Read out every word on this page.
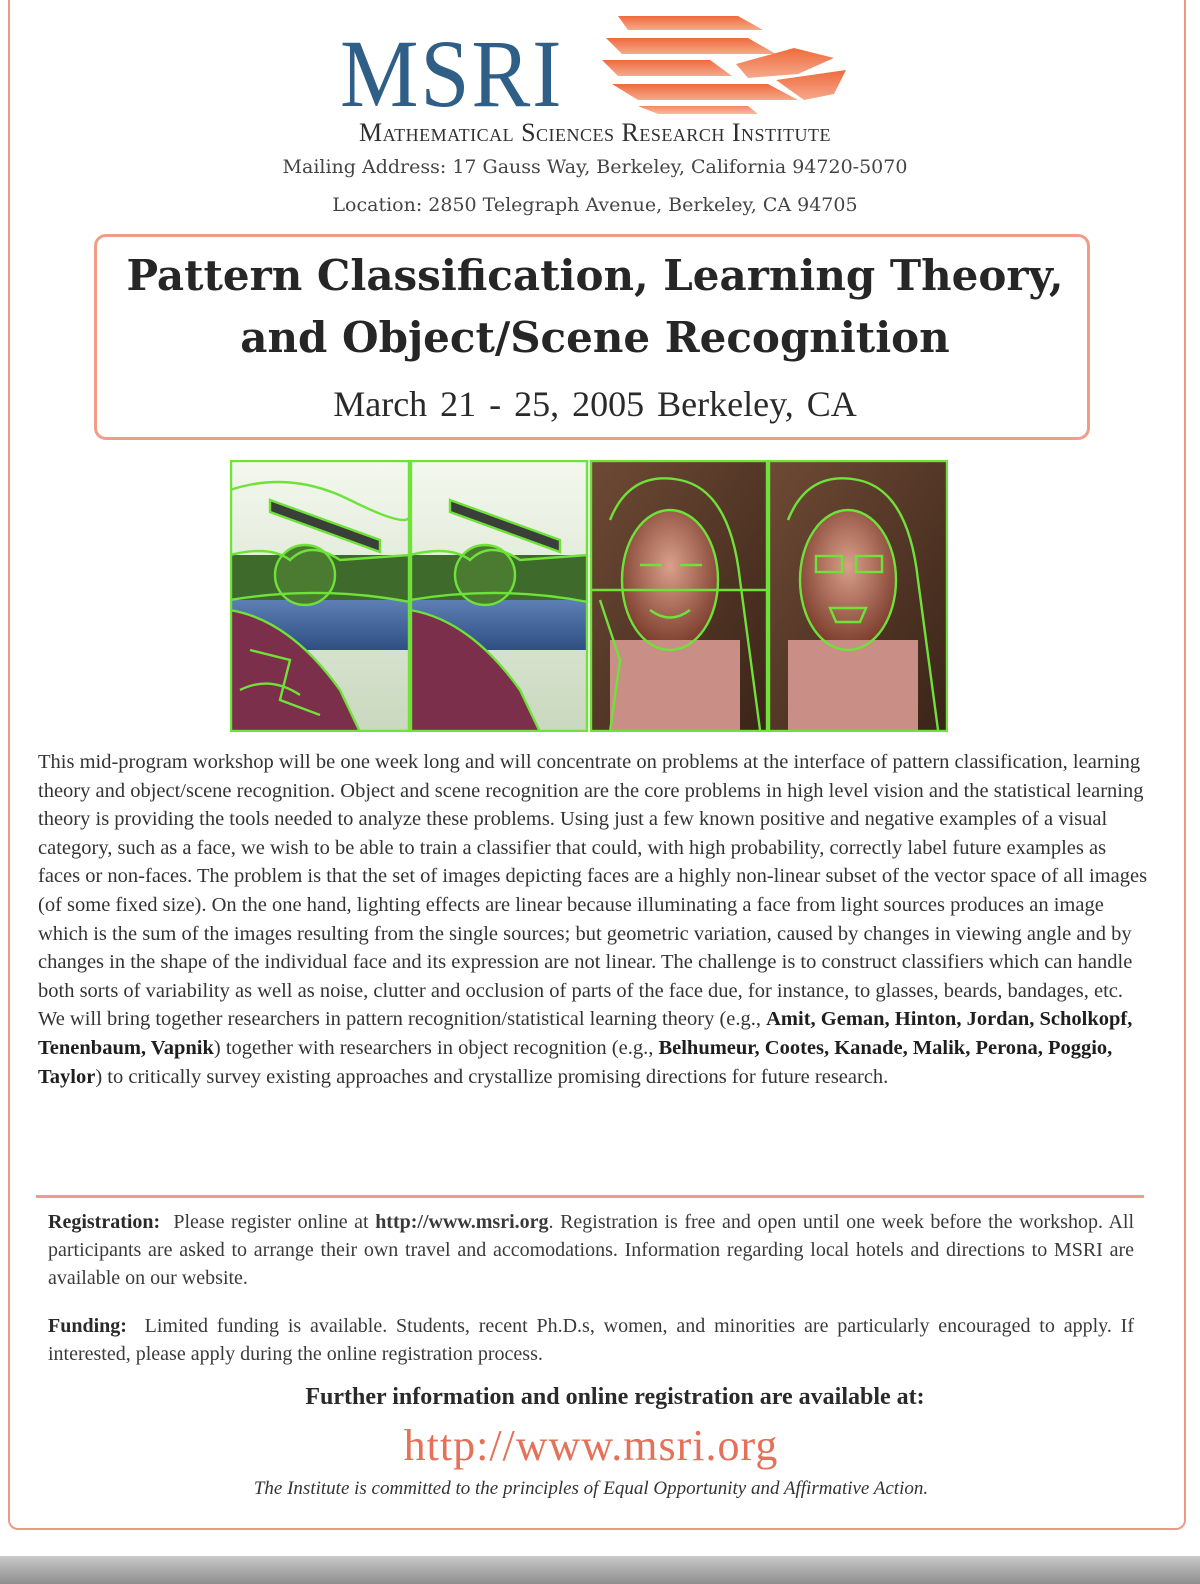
MSRI
Mathematical Sciences Research Institute
Mailing Address: 17 Gauss Way, Berkeley, California 94720-5070
Location: 2850 Telegraph Avenue, Berkeley, CA 94705
Pattern Classification, Learning Theory,
and Object/Scene Recognition
March 21 - 25, 2005 Berkeley, CA
This mid-program workshop will be one week long and will concentrate on problems at the interface of pattern classification, learning theory and object/scene recognition. Object and scene recognition are the core problems in high level vision and the statistical learning theory is providing the tools needed to analyze these problems. Using just a few known positive and negative examples of a visual category, such as a face, we wish to be able to train a classifier that could, with high probability, correctly label future examples as faces or non-faces. The problem is that the set of images depicting faces are a highly non-linear subset of the vector space of all images (of some fixed size). On the one hand, lighting effects are linear because illuminating a face from light sources produces an image which is the sum of the images resulting from the single sources; but geometric variation, caused by changes in viewing angle and by changes in the shape of the individual face and its expression are not linear. The challenge is to construct classifiers which can handle both sorts of variability as well as noise, clutter and occlusion of parts of the face due, for instance, to glasses, beards, bandages, etc. We will bring together researchers in pattern recognition/statistical learning theory (e.g., Amit, Geman, Hinton, Jordan, Scholkopf, Tenenbaum, Vapnik) together with researchers in object recognition (e.g., Belhumeur, Cootes, Kanade, Malik, Perona, Poggio, Taylor) to critically survey existing approaches and crystallize promising directions for future research.
Registration: Please register online at http://www.msri.org. Registration is free and open until one week before the workshop. All participants are asked to arrange their own travel and accomodations. Information regarding local hotels and directions to MSRI are available on our website.
Funding: Limited funding is available. Students, recent Ph.D.s, women, and minorities are particularly encouraged to apply. If interested, please apply during the online registration process.
Further information and online registration are available at:
http://www.msri.org
The Institute is committed to the principles of Equal Opportunity and Affirmative Action.
